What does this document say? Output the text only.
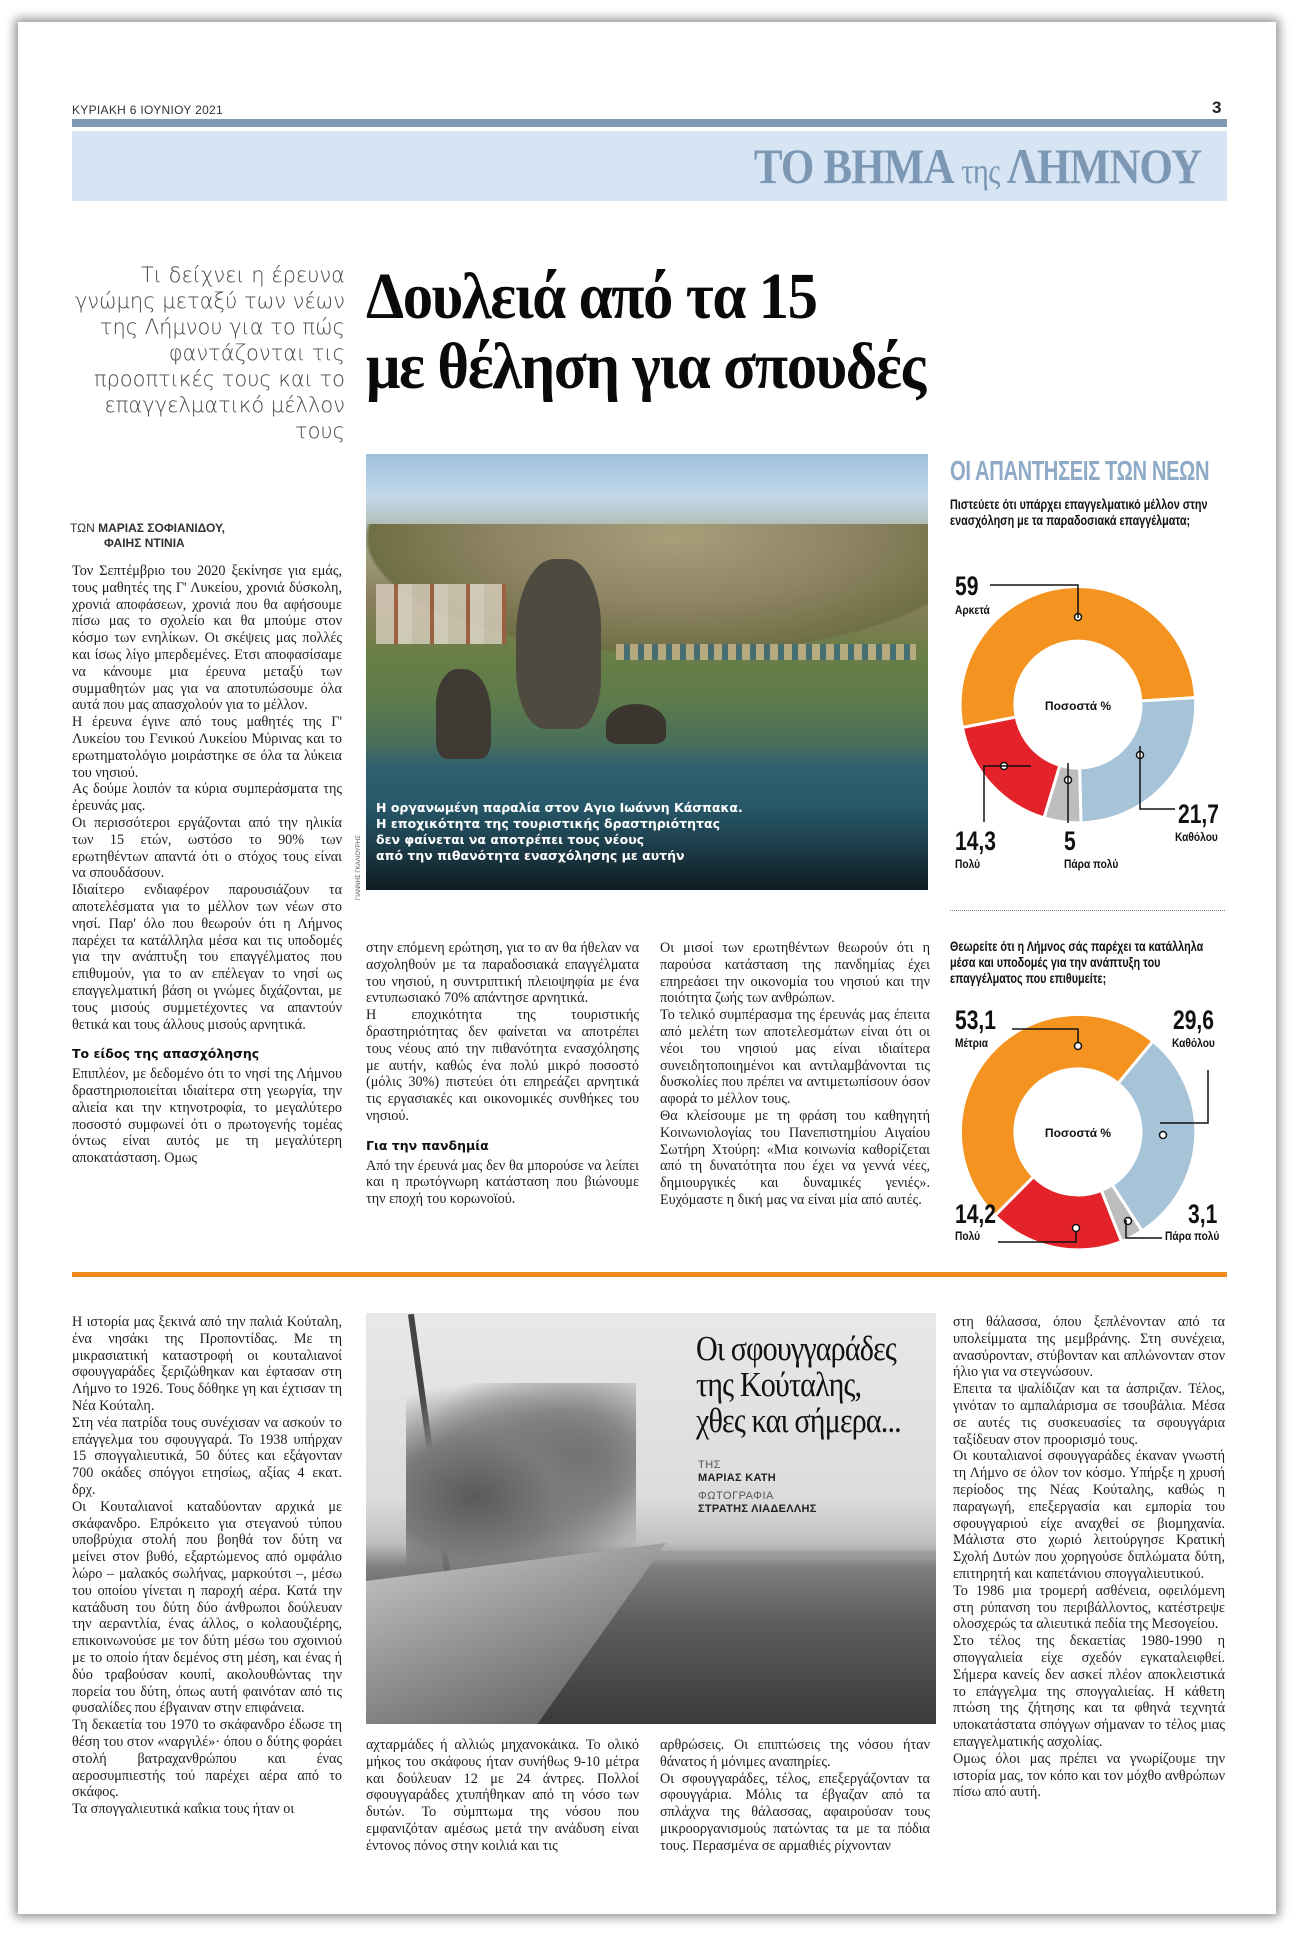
ΚΥΡΙΑΚΗ 6 ΙΟΥΝΙΟΥ 2021	3
ΤΟ ΒΗΜΑ της ΛΗΜΝΟΥ
Τι δείχνει η έρευνα γνώμης μεταξύ των νέων της Λήμνου για το πώς φαντάζονται τις προοπτικές τους και το επαγγελματικό μέλλον τους
ΤΩΝ ΜΑΡΙΑΣ ΣΟΦΙΑΝΙΔΟΥ,
ΦΑΙΗΣ ΝΤΙΝΙΑ
Δουλειά από τα 15
με θέληση για σπουδές
Η οργανωμένη παραλία στον Αγιο Ιωάννη Κάσπακα.
Η εποχικότητα της τουριστικής δραστηριότητας
δεν φαίνεται να αποτρέπει τους νέους
από την πιθανότητα ενασχόλησης με αυτήν
ΓΙΑΝΝΗΣ ΓΚΑΛΙΟΥΡΗΣ

Τον Σεπτέμβριο του 2020 ξεκίνησε για εμάς, τους μαθητές της Γ' Λυκείου, χρονιά δύσκολη, χρονιά αποφάσεων, χρονιά που θα αφήσουμε πίσω μας το σχολείο και θα μπούμε στον κόσμο των ενηλίκων. Οι σκέψεις μας πολλές και ίσως λίγο μπερδεμένες. Ετσι αποφασίσαμε να κάνουμε μια έρευνα μεταξύ των συμμαθητών μας για να αποτυπώσουμε όλα αυτά που μας απασχολούν για το μέλλον.

Η έρευνα έγινε από τους μαθητές της Γ' Λυκείου του Γενικού Λυκείου Μύρινας και το ερωτηματολόγιο μοιράστηκε σε όλα τα λύκεια του νησιού.

Ας δούμε λοιπόν τα κύρια συμπεράσματα της έρευνάς μας.

Οι περισσότεροι εργάζονται από την ηλικία των 15 ετών, ωστόσο το 90% των ερωτηθέντων απαντά ότι ο στόχος τους είναι να σπουδάσουν.

Ιδιαίτερο ενδιαφέρον παρουσιάζουν τα αποτελέσματα για το μέλλον των νέων στο νησί. Παρ' όλο που θεωρούν ότι η Λήμνος παρέχει τα κατάλληλα μέσα και τις υποδομές για την ανάπτυξη του επαγγέλματος που επιθυμούν, για το αν επέλεγαν το νησί ως επαγγελματική βάση οι γνώμες διχάζονται, με τους μισούς συμμετέχοντες να απαντούν θετικά και τους άλλους μισούς αρνητικά.

Το είδος της απασχόλησης

Επιπλέον, με δεδομένο ότι το νησί της Λήμνου δραστηριοποιείται ιδιαίτερα στη γεωργία, την αλιεία και την κτηνοτροφία, το μεγαλύτερο ποσοστό συμφωνεί ότι ο πρωτογενής τομέας όντως είναι αυτός με τη μεγαλύτερη αποκατάσταση. Ομως

στην επόμενη ερώτηση, για το αν θα ήθελαν να ασχοληθούν με τα παραδοσιακά επαγγέλματα του νησιού, η συντριπτική πλειοψηφία με ένα εντυπωσιακό 70% απάντησε αρνητικά.

Η εποχικότητα της τουριστικής δραστηριότητας δεν φαίνεται να αποτρέπει τους νέους από την πιθανότητα ενασχόλησης με αυτήν, καθώς ένα πολύ μικρό ποσοστό (μόλις 30%) πιστεύει ότι επηρεάζει αρνητικά τις εργασιακές και οικονομικές συνθήκες του νησιού.

Για την πανδημία

Από την έρευνά μας δεν θα μπορούσε να λείπει και η πρωτόγνωρη κατάσταση που βιώνουμε την εποχή του κορωνοϊού.

Οι μισοί των ερωτηθέντων θεωρούν ότι η παρούσα κατάσταση της πανδημίας έχει επηρεάσει την οικονομία του νησιού και την ποιότητα ζωής των ανθρώπων.

Το τελικό συμπέρασμα της έρευνάς μας έπειτα από μελέτη των αποτελεσμάτων είναι ότι οι νέοι του νησιού μας είναι ιδιαίτερα συνειδητοποιημένοι και αντιλαμβάνονται τις δυσκολίες που πρέπει να αντιμετωπίσουν όσον αφορά το μέλλον τους.

Θα κλείσουμε με τη φράση του καθηγητή Κοινωνιολογίας του Πανεπιστημίου Αιγαίου Σωτήρη Χτούρη: «Μια κοινωνία καθορίζεται από τη δυνατότητα που έχει να γεννά νέες, δημιουργικές και δυναμικές γενιές». Ευχόμαστε η δική μας να είναι μία από αυτές.

ΟΙ ΑΠΑΝΤΗΣΕΙΣ ΤΩΝ ΝΕΩΝ
Πιστεύετε ότι υπάρχει επαγγελματικό μέλλον στην ενασχόληση με τα παραδοσιακά επαγγέλματα;
Ποσοστά %
59
Αρκετά
21,7
Καθόλου
5
Πάρα πολύ
14,3
Πολύ
Θεωρείτε ότι η Λήμνος σάς παρέχει τα κατάλληλα μέσα και υποδομές για την ανάπτυξη του επαγγέλματος που επιθυμείτε;
Ποσοστά %
53,1
Μέτρια
29,6
Καθόλου
3,1
Πάρα πολύ
14,2
Πολύ

Η ιστορία μας ξεκινά από την παλιά Κούταλη, ένα νησάκι της Προποντίδας. Με τη μικρασιατική καταστροφή οι κουταλιανοί σφουγγαράδες ξεριζώθηκαν και έφτασαν στη Λήμνο το 1926. Τους δόθηκε γη και έχτισαν τη Νέα Κούταλη.

Στη νέα πατρίδα τους συνέχισαν να ασκούν το επάγγελμα του σφουγγαρά. Το 1938 υπήρχαν 15 σπογγαλιευτικά, 50 δύτες και εξάγονταν 700 οκάδες σπόγγοι ετησίως, αξίας 4 εκατ. δρχ.

Οι Κουταλιανοί καταδύονταν αρχικά με σκάφανδρο. Επρόκειτο για στεγανού τύπου υποβρύχια στολή που βοηθά τον δύτη να μείνει στον βυθό, εξαρτώμενος από ομφάλιο λώρο – μαλακός σωλήνας, μαρκούτσι –, μέσω του οποίου γίνεται η παροχή αέρα. Κατά την κατάδυση του δύτη δύο άνθρωποι δούλευαν την αεραντλία, ένας άλλος, ο κολαουζιέρης, επικοινωνούσε με τον δύτη μέσω του σχοινιού με το οποίο ήταν δεμένος στη μέση, και ένας ή δύο τραβούσαν κουπί, ακολουθώντας την πορεία του δύτη, όπως αυτή φαινόταν από τις φυσαλίδες που έβγαιναν στην επιφάνεια.

Τη δεκαετία του 1970 το σκάφανδρο έδωσε τη θέση του στον «ναργιλέ»· όπου ο δύτης φοράει στολή βατραχανθρώπου και ένας αεροσυμπιεστής τού παρέχει αέρα από το σκάφος.

Τα σπογγαλιευτικά καΐκια τους ήταν οι

Οι σφουγγαράδες
της Κούταλης,
χθες και σήμερα...
ΤΗΣ
ΜΑΡΙΑΣ ΚΑΤΗ
ΦΩΤΟΓΡΑΦΙΑ
ΣΤΡΑΤΗΣ ΛΙΑΔΕΛΛΗΣ

αχταρμάδες ή αλλιώς μηχανοκάικα. Το ολικό μήκος του σκάφους ήταν συνήθως 9-10 μέτρα και δούλευαν 12 με 24 άντρες. Πολλοί σφουγγαράδες χτυπήθηκαν από τη νόσο των δυτών. Το σύμπτωμα της νόσου που εμφανιζόταν αμέσως μετά την ανάδυση είναι έντονος πόνος στην κοιλιά και τις

αρθρώσεις. Οι επιπτώσεις της νόσου ήταν θάνατος ή μόνιμες αναπηρίες.

Οι σφουγγαράδες, τέλος, επεξεργάζονταν τα σφουγγάρια. Μόλις τα έβγαζαν από τα σπλάχνα της θάλασσας, αφαιρούσαν τους μικροοργανισμούς πατώντας τα με τα πόδια τους. Περασμένα σε αρμαθιές ρίχνονταν

στη θάλασσα, όπου ξεπλένονταν από τα υπολείμματα της μεμβράνης. Στη συνέχεια, ανασύρονταν, στύβονταν και απλώνονταν στον ήλιο για να στεγνώσουν.

Επειτα τα ψαλίδιζαν και τα άσπριζαν. Τέλος, γινόταν το αμπαλάρισμα σε τσουβάλια. Μέσα σε αυτές τις συσκευασίες τα σφουγγάρια ταξίδευαν στον προορισμό τους.

Οι κουταλιανοί σφουγγαράδες έκαναν γνωστή τη Λήμνο σε όλον τον κόσμο. Υπήρξε η χρυσή περίοδος της Νέας Κούταλης, καθώς η παραγωγή, επεξεργασία και εμπορία του σφουγγαριού είχε αναχθεί σε βιομηχανία. Μάλιστα στο χωριό λειτούργησε Κρατική Σχολή Δυτών που χορηγούσε διπλώματα δύτη, επιτηρητή και καπετάνιου σπογγαλιευτικού.

Το 1986 μια τρομερή ασθένεια, οφειλόμενη στη ρύπανση του περιβάλλοντος, κατέστρεψε ολοσχερώς τα αλιευτικά πεδία της Μεσογείου.

Στο τέλος της δεκαετίας 1980-1990 η σπογγαλιεία είχε σχεδόν εγκαταλειφθεί. Σήμερα κανείς δεν ασκεί πλέον αποκλειστικά το επάγγελμα της σπογγαλιείας. Η κάθετη πτώση της ζήτησης και τα φθηνά τεχνητά υποκατάστατα σπόγγων σήμαναν το τέλος μιας επαγγελματικής ασχολίας.

Ομως όλοι μας πρέπει να γνωρίζουμε την ιστορία μας, τον κόπο και τον μόχθο ανθρώπων πίσω από αυτή.
